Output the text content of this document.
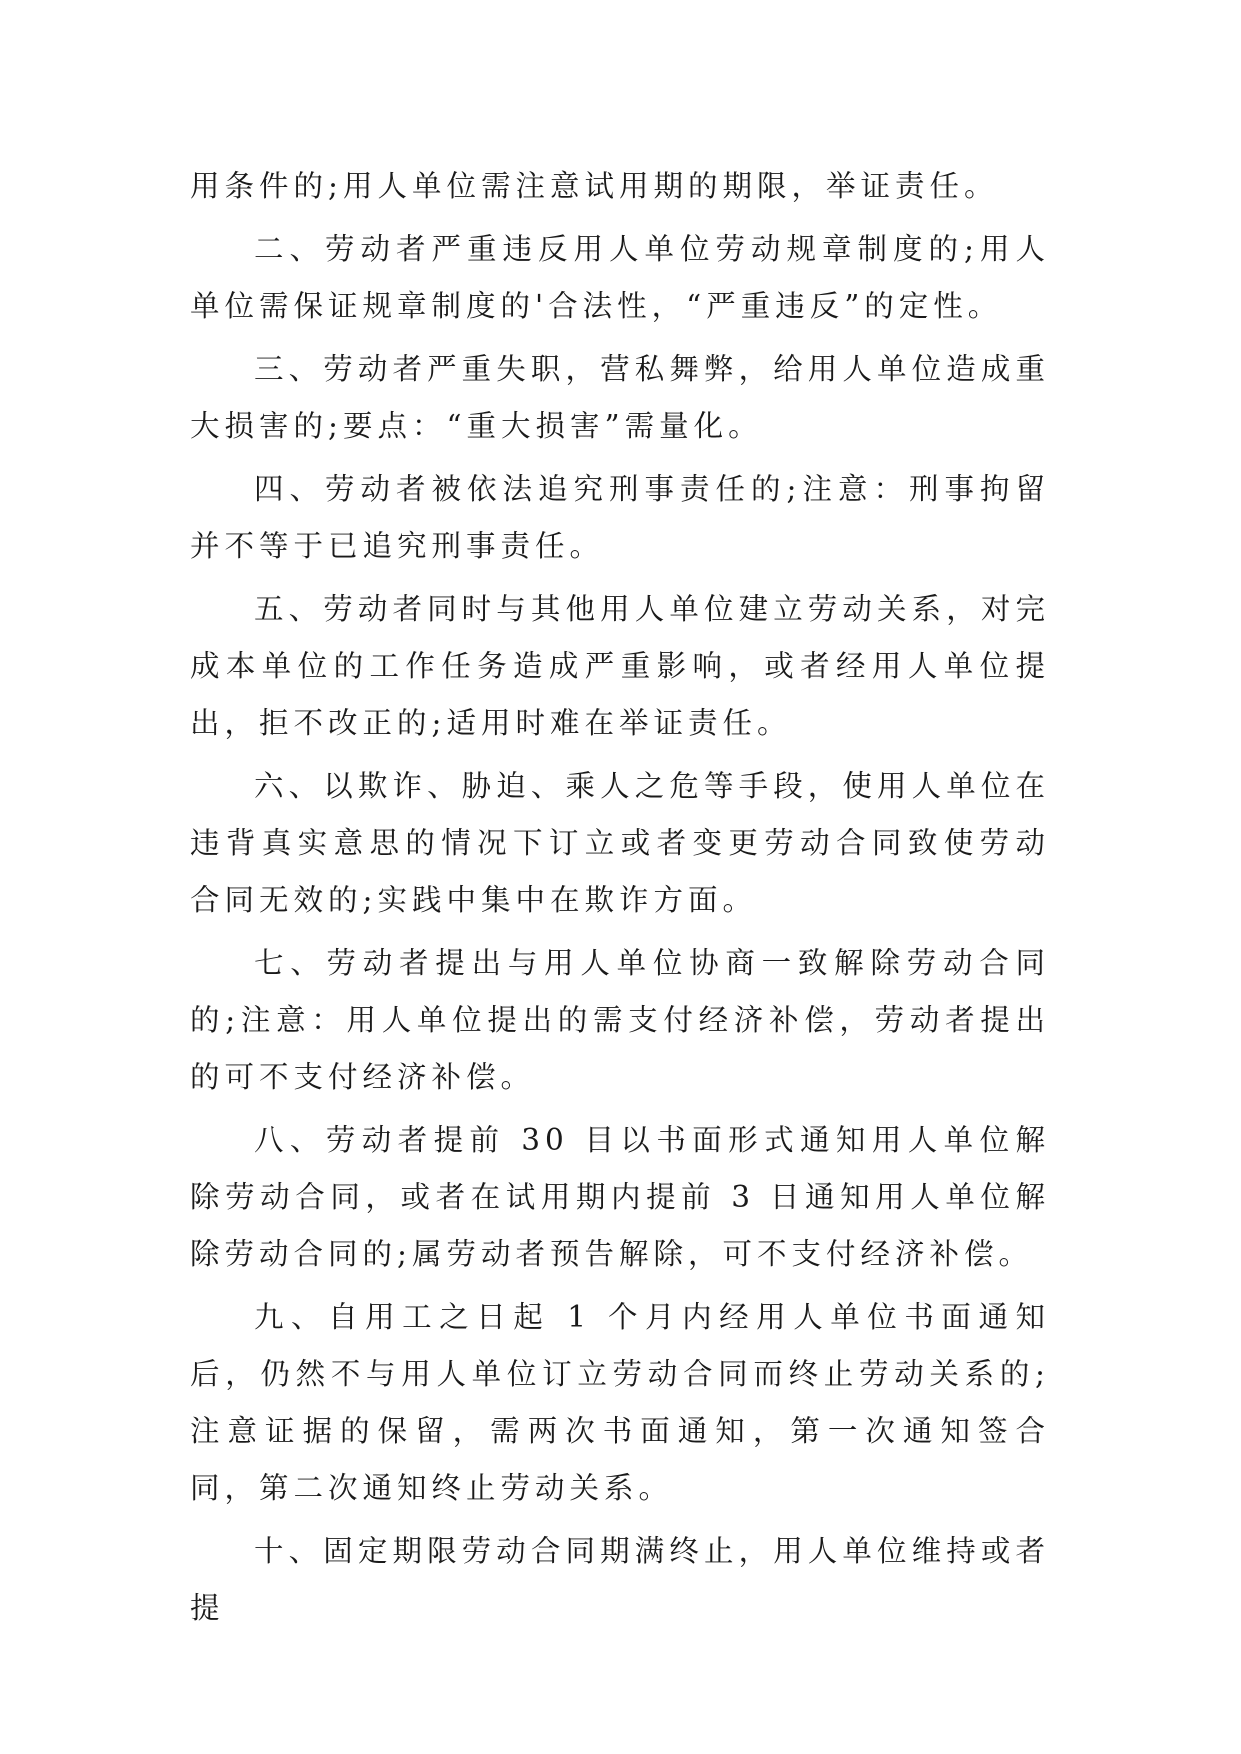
用条件的;用人单位需注意试用期的期限，举证责任。

二、劳动者严重违反用人单位劳动规章制度的;用人单位需保证规章制度的'合法性，“严重违反”的定性。

三、劳动者严重失职，营私舞弊，给用人单位造成重大损害的;要点：“重大损害”需量化。

四、劳动者被依法追究刑事责任的;注意：刑事拘留并不等于已追究刑事责任。

五、劳动者同时与其他用人单位建立劳动关系，对完成本单位的工作任务造成严重影响，或者经用人单位提出，拒不改正的;适用时难在举证责任。

六、以欺诈、胁迫、乘人之危等手段，使用人单位在违背真实意思的情况下订立或者变更劳动合同致使劳动合同无效的;实践中集中在欺诈方面。

七、劳动者提出与用人单位协商一致解除劳动合同的;注意：用人单位提出的需支付经济补偿，劳动者提出的可不支付经济补偿。

八、劳动者提前 30 目以书面形式通知用人单位解除劳动合同，或者在试用期内提前 3 日通知用人单位解除劳动合同的;属劳动者预告解除，可不支付经济补偿。

九、自用工之日起 1 个月内经用人单位书面通知后，仍然不与用人单位订立劳动合同而终止劳动关系的;注意证据的保留，需两次书面通知，第一次通知签合同，第二次通知终止劳动关系。

十、固定期限劳动合同期满终止，用人单位维持或者提
